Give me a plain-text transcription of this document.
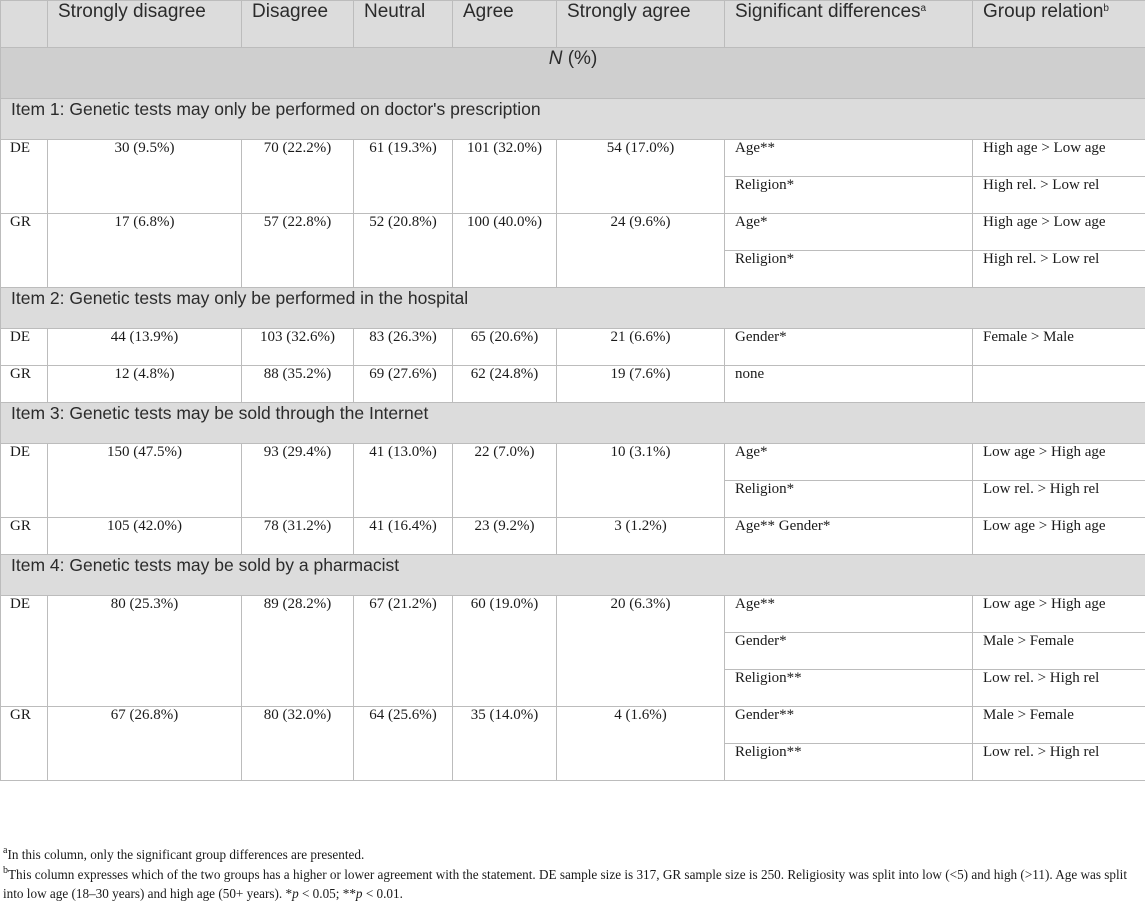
	Strongly disagree	Disagree	Neutral	Agree	Strongly agree	Significant differences$^a$	Group relation$^b$
N (%)							
Item 1: Genetic tests may only be performed on doctor's prescription							
DE	30 (9.5%)	70 (22.2%)	61 (19.3%)	101 (32.0%)	54 (17.0%)	Age**	High age > Low age
						Religion*	High rel. > Low rel
GR	17 (6.8%)	57 (22.8%)	52 (20.8%)	100 (40.0%)	24 (9.6%)	Age*	High age > Low age
						Religion*	High rel. > Low rel
Item 2: Genetic tests may only be performed in the hospital							
DE	44 (13.9%)	103 (32.6%)	83 (26.3%)	65 (20.6%)	21 (6.6%)	Gender*	Female > Male
GR	12 (4.8%)	88 (35.2%)	69 (27.6%)	62 (24.8%)	19 (7.6%)	none	
Item 3: Genetic tests may be sold through the Internet							
DE	150 (47.5%)	93 (29.4%)	41 (13.0%)	22 (7.0%)	10 (3.1%)	Age*	Low age > High age
						Religion*	Low rel. > High rel
GR	105 (42.0%)	78 (31.2%)	41 (16.4%)	23 (9.2%)	3 (1.2%)	Age** Gender*	Low age > High age
Item 4: Genetic tests may be sold by a pharmacist							
DE	80 (25.3%)	89 (28.2%)	67 (21.2%)	60 (19.0%)	20 (6.3%)	Age**	Low age > High age
						Gender*	Male > Female
						Religion**	Low rel. > High rel
GR	67 (26.8%)	80 (32.0%)	64 (25.6%)	35 (14.0%)	4 (1.6%)	Gender**	Male > Female
						Religion**	Low rel. > High rel

$^a$In this column, only the significant group differences are presented.

$^b$This column expresses which of the two groups has a higher or lower agreement with the statement. DE sample size is 317, GR sample size is 250. Religiosity was split into low (<5) and high (>11). Age was split into low age (18–30 years) and high age (50+ years). *p < 0.05; **p < 0.01.
